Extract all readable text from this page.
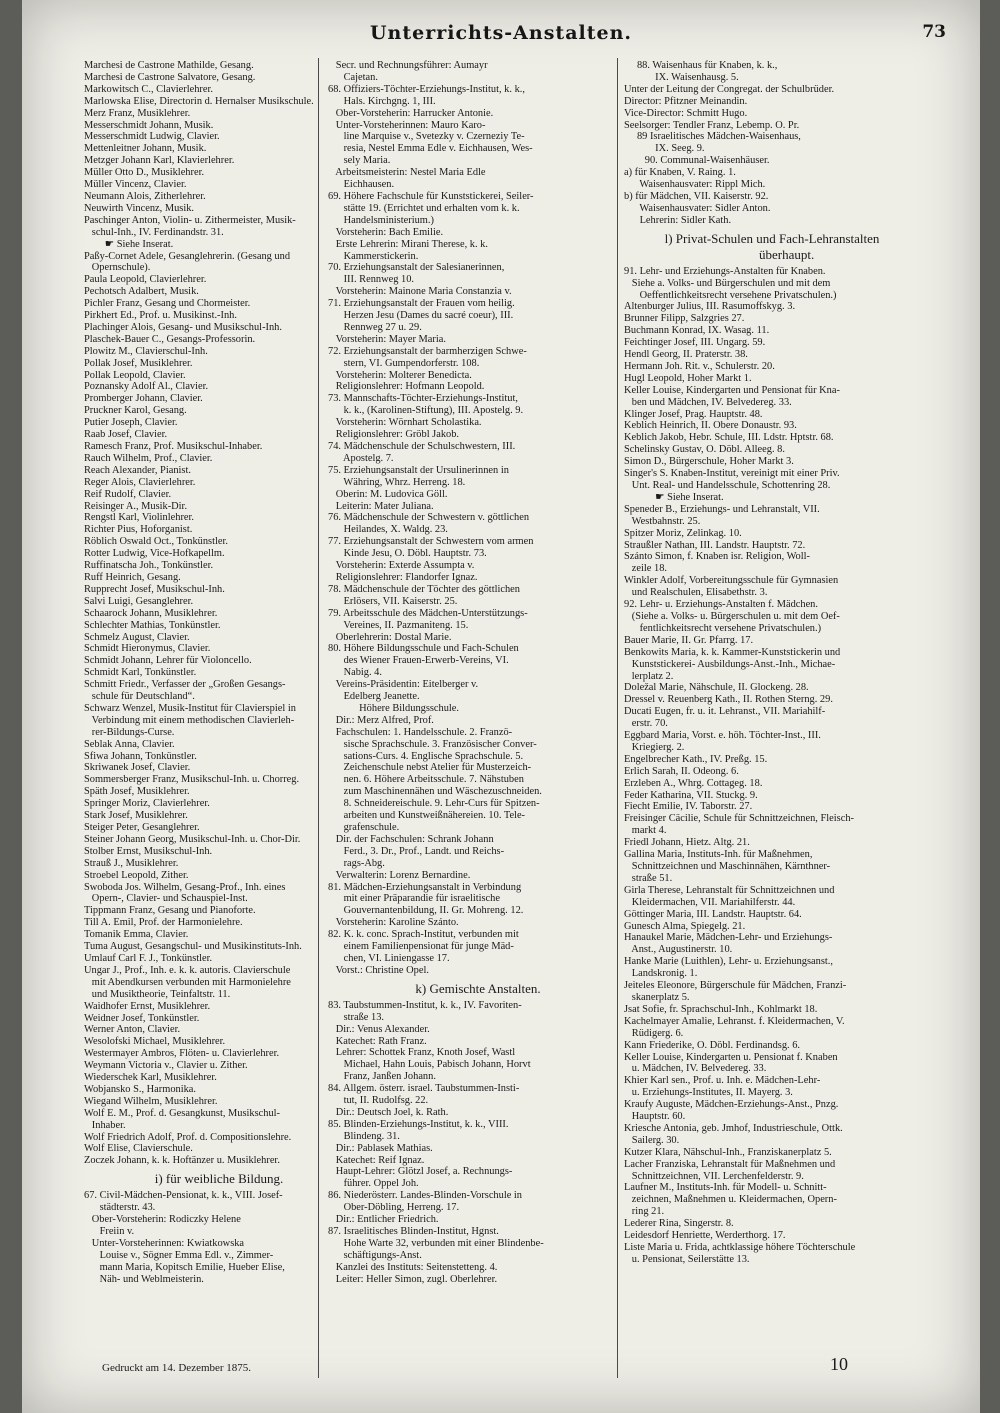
Unterrichts-Anstalten.	73
Marchesi de Castrone Mathilde, Gesang.
Marchesi de Castrone Salvatore, Gesang.
Markowitsch C., Clavierlehrer.
Marlowska Elise, Directorin d. Hernalser Musikschule.
Merz Franz, Musiklehrer.
Messerschmidt Johann, Musik.
Messerschmidt Ludwig, Clavier.
Mettenleitner Johann, Musik.
Metzger Johann Karl, Klavierlehrer.
Müller Otto D., Musiklehrer.
Müller Vincenz, Clavier.
Neumann Alois, Zitherlehrer.
Neuwirth Vincenz, Musik.
Paschinger Anton, Violin- u. Zithermeister, Musik-
schul-Inh., IV. Ferdinandstr. 31.
☛ Siehe Inserat.
Paßy-Cornet Adele, Gesanglehrerin. (Gesang und
Opernschule).
Paula Leopold, Clavierlehrer.
Pechotsch Adalbert, Musik.
Pichler Franz, Gesang und Chormeister.
Pirkhert Ed., Prof. u. Musikinst.-Inh.
Plachinger Alois, Gesang- und Musikschul-Inh.
Plaschek-Bauer C., Gesangs-Professorin.
Plowitz M., Clavierschul-Inh.
Pollak Josef, Musiklehrer.
Pollak Leopold, Clavier.
Poznansky Adolf Al., Clavier.
Promberger Johann, Clavier.
Pruckner Karol, Gesang.
Putier Joseph, Clavier.
Raab Josef, Clavier.
Ramesch Franz, Prof. Musikschul-Inhaber.
Rauch Wilhelm, Prof., Clavier.
Reach Alexander, Pianist.
Reger Alois, Clavierlehrer.
Reif Rudolf, Clavier.
Reisinger A., Musik-Dir.
Rengstl Karl, Violinlehrer.
Richter Pius, Hoforganist.
Röblich Oswald Oct., Tonkünstler.
Rotter Ludwig, Vice-Hofkapellm.
Ruffinatscha Joh., Tonkünstler.
Ruff Heinrich, Gesang.
Rupprecht Josef, Musikschul-Inh.
Salvi Luigi, Gesanglehrer.
Schaarock Johann, Musiklehrer.
Schlechter Mathias, Tonkünstler.
Schmelz August, Clavier.
Schmidt Hieronymus, Clavier.
Schmidt Johann, Lehrer für Violoncello.
Schmidt Karl, Tonkünstler.
Schmitt Friedr., Verfasser der „Großen Gesangs-
schule für Deutschland“.
Schwarz Wenzel, Musik-Institut für Clavierspiel in
Verbindung mit einem methodischen Clavierleh-
rer-Bildungs-Curse.
Seblak Anna, Clavier.
Sfiwa Johann, Tonkünstler.
Skriwanek Josef, Clavier.
Sommersberger Franz, Musikschul-Inh. u. Chorreg.
Späth Josef, Musiklehrer.
Springer Moriz, Clavierlehrer.
Stark Josef, Musiklehrer.
Steiger Peter, Gesanglehrer.
Steiner Johann Georg, Musikschul-Inh. u. Chor-Dir.
Stolber Ernst, Musikschul-Inh.
Strauß J., Musiklehrer.
Stroebel Leopold, Zither.
Swoboda Jos. Wilhelm, Gesang-Prof., Inh. eines
Opern-, Clavier- und Schauspiel-Inst.
Tippmann Franz, Gesang und Pianoforte.
Till A. Emil, Prof. der Harmonielehre.
Tomanik Emma, Clavier.
Tuma August, Gesangschul- und Musikinstituts-Inh.
Umlauf Carl F. J., Tonkünstler.
Ungar J., Prof., Inh. e. k. k. autoris. Clavierschule
mit Abendkursen verbunden mit Harmonielehre
und Musiktheorie, Teinfaltstr. 11.
Waidhofer Ernst, Musiklehrer.
Weidner Josef, Tonkünstler.
Werner Anton, Clavier.
Wesolofski Michael, Musiklehrer.
Westermayer Ambros, Flöten- u. Clavierlehrer.
Weymann Victoria v., Clavier u. Zither.
Wiederschek Karl, Musiklehrer.
Wobjansko S., Harmonika.
Wiegand Wilhelm, Musiklehrer.
Wolf E. M., Prof. d. Gesangkunst, Musikschul-
Inhaber.
Wolf Friedrich Adolf, Prof. d. Compositionslehre.
Wolf Elise, Clavierschule.
Zoczek Johann, k. k. Hoftänzer u. Musiklehrer.
i) für weibliche Bildung.
67. Civil-Mädchen-Pensionat, k. k., VIII. Josef-
städterstr. 43.
Ober-Vorsteherin: Rodiczky Helene
Freiin v.
Unter-Vorsteherinnen: Kwiatkowska
Louise v., Sögner Emma Edl. v., Zimmer-
mann Maria, Kopitsch Emilie, Hueber Elise,
Näh- und Weblmeisterin.
Secr. und Rechnungsführer: Aumayr
Cajetan.
68. Offiziers-Töchter-Erziehungs-Institut, k. k.,
Hals. Kirchgng. 1, III.
Ober-Vorsteherin: Harrucker Antonie.
Unter-Vorsteherinnen: Mauro Karo-
line Marquise v., Svetezky v. Czerneziy Te-
resia, Nestel Emma Edle v. Eichhausen, Wes-
sely Maria.
Arbeitsmeisterin: Nestel Maria Edle
Eichhausen.
69. Höhere Fachschule für Kunststickerei, Seiler-
stätte 19. (Errichtet und erhalten vom k. k.
Handelsministerium.)
Vorsteherin: Bach Emilie.
Erste Lehrerin: Mirani Therese, k. k.
Kammerstickerin.
70. Erziehungsanstalt der Salesianerinnen,
III. Rennweg 10.
Vorsteherin: Mainone Maria Constanzia v.
71. Erziehungsanstalt der Frauen vom heilig.
Herzen Jesu (Dames du sacré coeur), III.
Rennweg 27 u. 29.
Vorsteherin: Mayer Maria.
72. Erziehungsanstalt der barmherzigen Schwe-
stern, VI. Gumpendorferstr. 108.
Vorsteherin: Molterer Benedicta.
Religionslehrer: Hofmann Leopold.
73. Mannschafts-Töchter-Erziehungs-Institut,
k. k., (Karolinen-Stiftung), III. Apostelg. 9.
Vorsteherin: Wörnhart Scholastika.
Religionslehrer: Gröbl Jakob.
74. Mädchenschule der Schulschwestern, III.
Apostelg. 7.
75. Erziehungsanstalt der Ursulinerinnen in
Währing, Whrz. Herreng. 18.
Oberin: M. Ludovica Göll.
Leiterin: Mater Juliana.
76. Mädchenschule der Schwestern v. göttlichen
Heilandes, X. Waldg. 23.
77. Erziehungsanstalt der Schwestern vom armen
Kinde Jesu, O. Döbl. Hauptstr. 73.
Vorsteherin: Exterde Assumpta v.
Religionslehrer: Flandorfer Ignaz.
78. Mädchenschule der Töchter des göttlichen
Erlösers, VII. Kaiserstr. 25.
79. Arbeitsschule des Mädchen-Unterstützungs-
Vereines, II. Pazmaniteng. 15.
Oberlehrerin: Dostal Marie.
80. Höhere Bildungsschule und Fach-Schulen
des Wiener Frauen-Erwerb-Vereins, VI.
Nabig. 4.
Vereins-Präsidentin: Eitelberger v.
Edelberg Jeanette.
Höhere Bildungsschule.
Dir.: Merz Alfred, Prof.
Fachschulen: 1. Handelsschule. 2. Franzö-
sische Sprachschule. 3. Französischer Conver-
sations-Curs. 4. Englische Sprachschule. 5.
Zeichenschule nebst Atelier für Musterzeich-
nen. 6. Höhere Arbeitsschule. 7. Nähstuben
zum Maschinennähen und Wäschezuschneiden.
8. Schneidereischule. 9. Lehr-Curs für Spitzen-
arbeiten und Kunstweißnähereien. 10. Tele-
grafenschule.
Dir. der Fachschulen: Schrank Johann
Ferd., 3. Dr., Prof., Landt. und Reichs-
rags-Abg.
Verwalterin: Lorenz Bernardine.
81. Mädchen-Erziehungsanstalt in Verbindung
mit einer Präparandie für israelitische
Gouvernantenbildung, II. Gr. Mohreng. 12.
Vorsteherin: Karoline Szánto.
82. K. k. conc. Sprach-Institut, verbunden mit
einem Familienpensionat für junge Mäd-
chen, VI. Liniengasse 17.
Vorst.: Christine Opel.
k) Gemischte Anstalten.
83. Taubstummen-Institut, k. k., IV. Favoriten-
straße 13.
Dir.: Venus Alexander.
Katechet: Rath Franz.
Lehrer: Schottek Franz, Knoth Josef, Wastl
Michael, Hahn Louis, Pabisch Johann, Horvt
Franz, Janßen Johann.
84. Allgem. österr. israel. Taubstummen-Insti-
tut, II. Rudolfsg. 22.
Dir.: Deutsch Joel, k. Rath.
85. Blinden-Erziehungs-Institut, k. k., VIII.
Blindeng. 31.
Dir.: Pablasek Mathias.
Katechet: Reif Ignaz.
Haupt-Lehrer: Glötzl Josef, a. Rechnungs-
führer. Oppel Joh.
86. Niederösterr. Landes-Blinden-Vorschule in
Ober-Döbling, Herreng. 17.
Dir.: Entlicher Friedrich.
87. Israelitisches Blinden-Institut, Hgnst.
Hohe Warte 32, verbunden mit einer Blindenbe-
schäftigungs-Anst.
Kanzlei des Instituts: Seitenstetteng. 4.
Leiter: Heller Simon, zugl. Oberlehrer.
88. Waisenhaus für Knaben, k. k.,
IX. Waisenhausg. 5.
Unter der Leitung der Congregat. der Schulbrüder.
Director: Pfitzner Meinandin.
Vice-Director: Schmitt Hugo.
Seelsorger: Tendler Franz, Lebemp. O. Pr.
89 Israelitisches Mädchen-Waisenhaus,
IX. Seeg. 9.
90. Communal-Waisenhäuser.
a) für Knaben, V. Raing. 1.
Waisenhausvater: Rippl Mich.
b) für Mädchen, VII. Kaiserstr. 92.
Waisenhausvater: Sidler Anton.
Lehrerin: Sidler Kath.
l) Privat-Schulen und Fach-Lehranstalten
überhaupt.
91. Lehr- und Erziehungs-Anstalten für Knaben.
Siehe a. Volks- und Bürgerschulen und mit dem
Oeffentlichkeitsrecht versehene Privatschulen.)
Altenburger Julius, III. Rasumoffskyg. 3.
Brunner Filipp, Salzgries 27.
Buchmann Konrad, IX. Wasag. 11.
Feichtinger Josef, III. Ungarg. 59.
Hendl Georg, II. Praterstr. 38.
Hermann Joh. Rit. v., Schulerstr. 20.
Hugl Leopold, Hoher Markt 1.
Keller Louise, Kindergarten und Pensionat für Kna-
ben und Mädchen, IV. Belvedereg. 33.
Klinger Josef, Prag. Hauptstr. 48.
Keblich Heinrich, II. Obere Donaustr. 93.
Keblich Jakob, Hebr. Schule, III. Ldstr. Hptstr. 68.
Schelinsky Gustav, O. Döbl. Alleeg. 8.
Simon D., Bürgerschule, Hoher Markt 3.
Singer's S. Knaben-Institut, vereinigt mit einer Priv.
Unt. Real- und Handelsschule, Schottenring 28.
☛ Siehe Inserat.
Speneder B., Erziehungs- und Lehranstalt, VII.
Westbahnstr. 25.
Spitzer Moriz, Zelinkag. 10.
Straußler Nathan, III. Landstr. Hauptstr. 72.
Szánto Simon, f. Knaben isr. Religion, Woll-
zeile 18.
Winkler Adolf, Vorbereitungsschule für Gymnasien
und Realschulen, Elisabethstr. 3.
92. Lehr- u. Erziehungs-Anstalten f. Mädchen.
(Siehe a. Volks- u. Bürgerschulen u. mit dem Oef-
fentlichkeitsrecht versehene Privatschulen.)
Bauer Marie, II. Gr. Pfarrg. 17.
Benkowits Maria, k. k. Kammer-Kunststickerin und
Kunststickerei- Ausbildungs-Anst.-Inh., Michae-
lerplatz 2.
Doležal Marie, Nähschule, II. Glockeng. 28.
Dressel v. Reuenberg Kath., II. Rothen Sterng. 29.
Ducati Eugen, fr. u. it. Lehranst., VII. Mariahilf-
erstr. 70.
Eggbard Maria, Vorst. e. höh. Töchter-Inst., III.
Kriegierg. 2.
Engelbrecher Kath., IV. Preßg. 15.
Erlich Sarah, II. Odeong. 6.
Erzleben A., Whrg. Cottageg. 18.
Feder Katharina, VII. Stuckg. 9.
Fiecht Emilie, IV. Taborstr. 27.
Freisinger Cäcilie, Schule für Schnittzeichnen, Fleisch-
markt 4.
Friedl Johann, Hietz. Altg. 21.
Gallina Maria, Instituts-Inh. für Maßnehmen,
Schnittzeichnen und Maschinnähen, Kärnthner-
straße 51.
Girla Therese, Lehranstalt für Schnittzeichnen und
Kleidermachen, VII. Mariahilferstr. 44.
Göttinger Maria, III. Landstr. Hauptstr. 64.
Gunesch Alma, Spiegelg. 21.
Hanaukel Marie, Mädchen-Lehr- und Erziehungs-
Anst., Augustinerstr. 10.
Hanke Marie (Luithlen), Lehr- u. Erziehungsanst.,
Landskronig. 1.
Jeiteles Eleonore, Bürgerschule für Mädchen, Franzi-
skanerplatz 5.
Jsat Sofie, fr. Sprachschul-Inh., Kohlmarkt 18.
Kachelmayer Amalie, Lehranst. f. Kleidermachen, V.
Rüdigerg. 6.
Kann Friederike, O. Döbl. Ferdinandsg. 6.
Keller Louise, Kindergarten u. Pensionat f. Knaben
u. Mädchen, IV. Belvedereg. 33.
Khier Karl sen., Prof. u. Inh. e. Mädchen-Lehr-
u. Erziehungs-Institutes, II. Mayerg. 3.
Kraufy Auguste, Mädchen-Erziehungs-Anst., Pnzg.
Hauptstr. 60.
Kriesche Antonia, geb. Jmhof, Industrieschule, Ottk.
Sailerg. 30.
Kutzer Klara, Nähschul-Inh., Franziskanerplatz 5.
Lacher Franziska, Lehranstalt für Maßnehmen und
Schnittzeichnen, VII. Lerchenfelderstr. 9.
Laufner M., Instituts-Inh. für Modell- u. Schnitt-
zeichnen, Maßnehmen u. Kleidermachen, Opern-
ring 21.
Lederer Rina, Singerstr. 8.
Leidesdorf Henriette, Werderthorg. 17.
Liste Maria u. Frida, achtklassige höhere Töchterschule
u. Pensionat, Seilerstätte 13.
Gedruckt am 14. Dezember 1875.	10
